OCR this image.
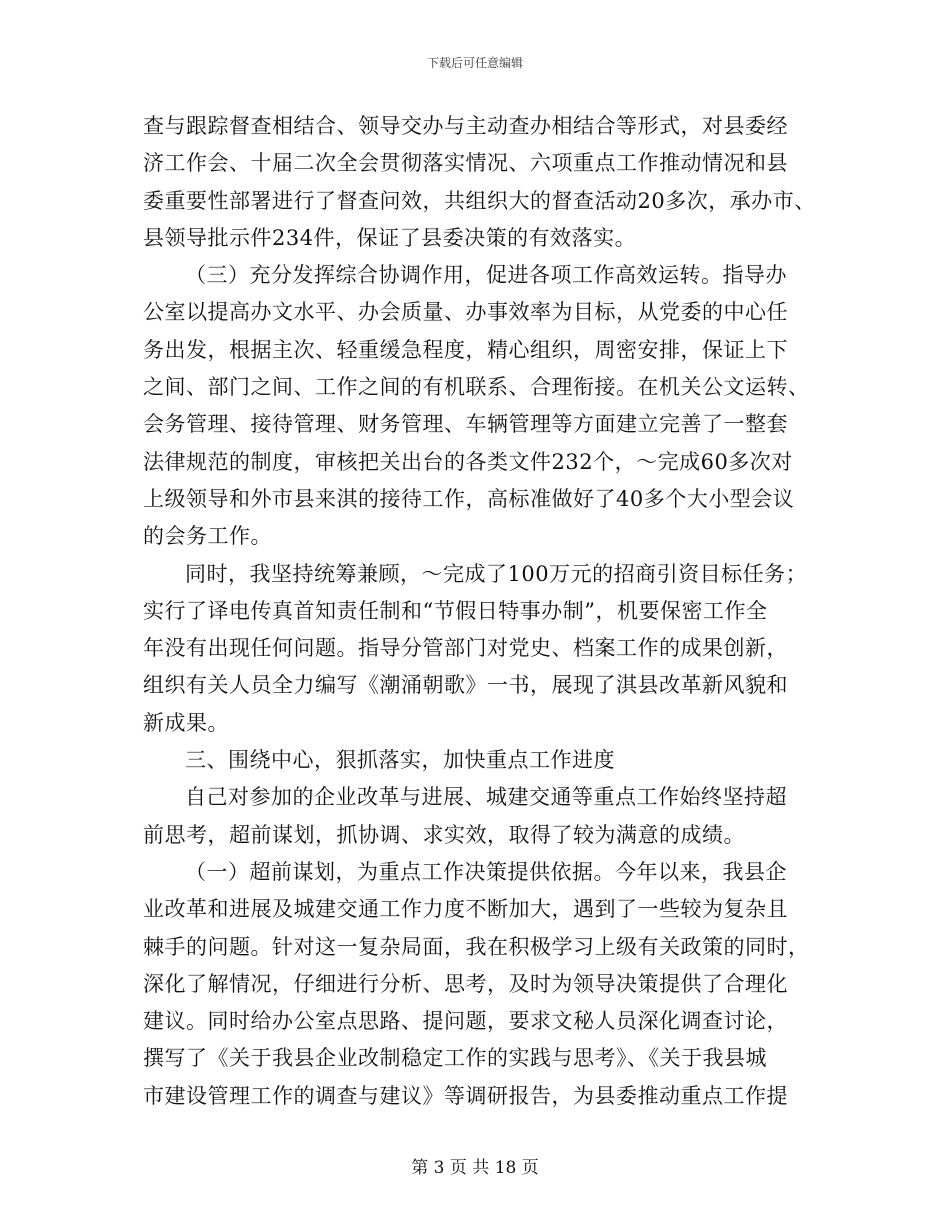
下载后可任意编辑
查与跟踪督查相结合、领导交办与主动查办相结合等形式，对县委经
济工作会、十届二次全会贯彻落实情况、六项重点工作推动情况和县
委重要性部署进行了督查问效，共组织大的督查活动20多次，承办市、
县领导批示件234件，保证了县委决策的有效落实。
（三）充分发挥综合协调作用，促进各项工作高效运转。指导办
公室以提高办文水平、办会质量、办事效率为目标，从党委的中心任
务出发，根据主次、轻重缓急程度，精心组织，周密安排，保证上下
之间、部门之间、工作之间的有机联系、合理衔接。在机关公文运转、
会务管理、接待管理、财务管理、车辆管理等方面建立完善了一整套
法律规范的制度，审核把关出台的各类文件232个，～完成60多次对
上级领导和外市县来淇的接待工作，高标准做好了40多个大小型会议
的会务工作。
同时，我坚持统筹兼顾，～完成了100万元的招商引资目标任务；
实行了译电传真首知责任制和“节假日特事办制”，机要保密工作全
年没有出现任何问题。指导分管部门对党史、档案工作的成果创新，
组织有关人员全力编写《潮涌朝歌》一书，展现了淇县改革新风貌和
新成果。
三、围绕中心，狠抓落实，加快重点工作进度
自己对参加的企业改革与进展、城建交通等重点工作始终坚持超
前思考，超前谋划，抓协调、求实效，取得了较为满意的成绩。
（一）超前谋划，为重点工作决策提供依据。今年以来，我县企
业改革和进展及城建交通工作力度不断加大，遇到了一些较为复杂且
棘手的问题。针对这一复杂局面，我在积极学习上级有关政策的同时，
深化了解情况，仔细进行分析、思考，及时为领导决策提供了合理化
建议。同时给办公室点思路、提问题，要求文秘人员深化调查讨论，
撰写了《关于我县企业改制稳定工作的实践与思考》、《关于我县城
市建设管理工作的调查与建议》等调研报告，为县委推动重点工作提
第 3 页 共 18 页
